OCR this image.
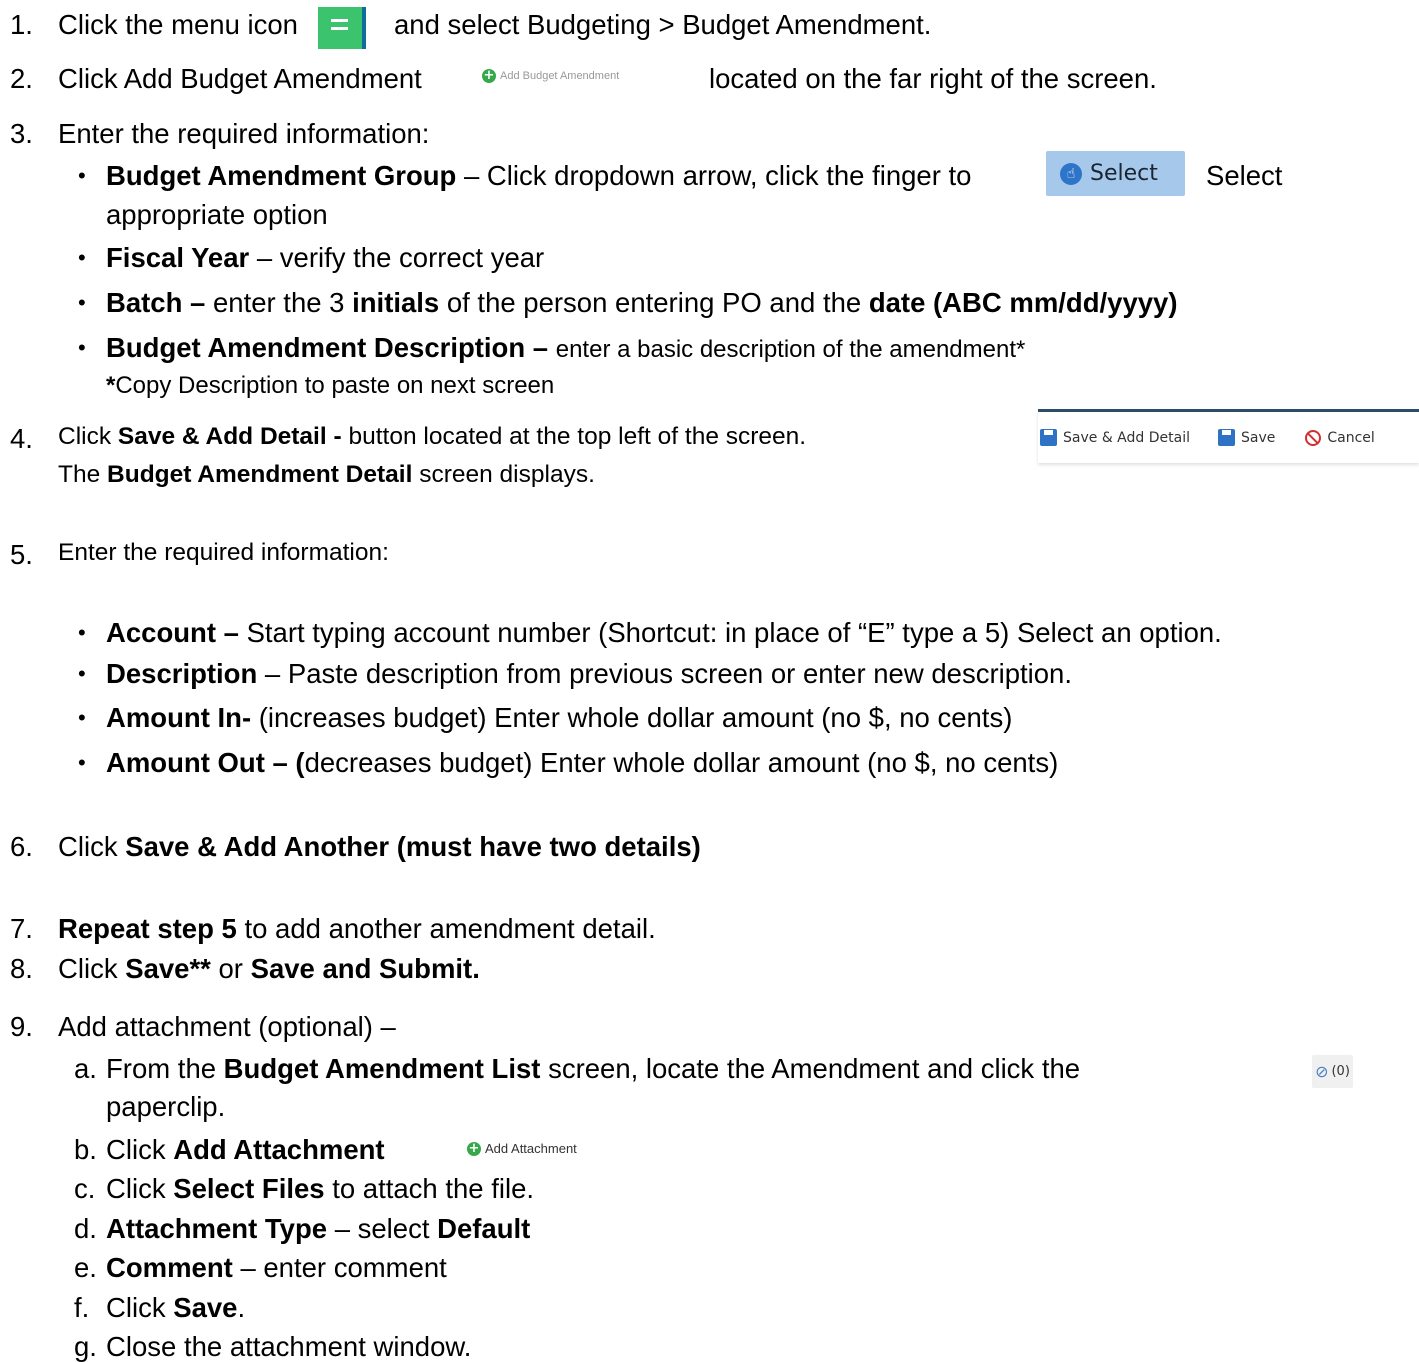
1. Click the menu icon	and select Budgeting > Budget Amendment.
2. Click Add Budget Amendment	+ Add Budget Amendment	located on the far right of the screen.
3. Enter the required information:
• Budget Amendment Group – Click dropdown arrow, click the finger to	☝ Select Select
appropriate option
• Fiscal Year – verify the correct year
• Batch – enter the 3 initials of the person entering PO and the date (ABC mm/dd/yyyy)
• Budget Amendment Description – enter a basic description of the amendment*
*Copy Description to paste on next screen
4. Click Save & Add Detail - button located at the top left of the screen.
The Budget Amendment Detail screen displays.
Save & Add Detail	Save	Cancel
5. Enter the required information:
• Account – Start typing account number (Shortcut: in place of “E” type a 5) Select an option.
• Description – Paste description from previous screen or enter new description.
• Amount In- (increases budget) Enter whole dollar amount (no $, no cents)
• Amount Out – (decreases budget) Enter whole dollar amount (no $, no cents)
6. Click Save & Add Another (must have two details)
7. Repeat step 5 to add another amendment detail.
8. Click Save** or Save and Submit.
9. Add attachment (optional) –
a. From the Budget Amendment List screen, locate the Amendment and click the	⊘ (0)
paperclip.
b. Click Add Attachment	+ Add Attachment
c. Click Select Files to attach the file.
d. Attachment Type – select Default
e. Comment – enter comment
f. Click Save.
g. Close the attachment window.
